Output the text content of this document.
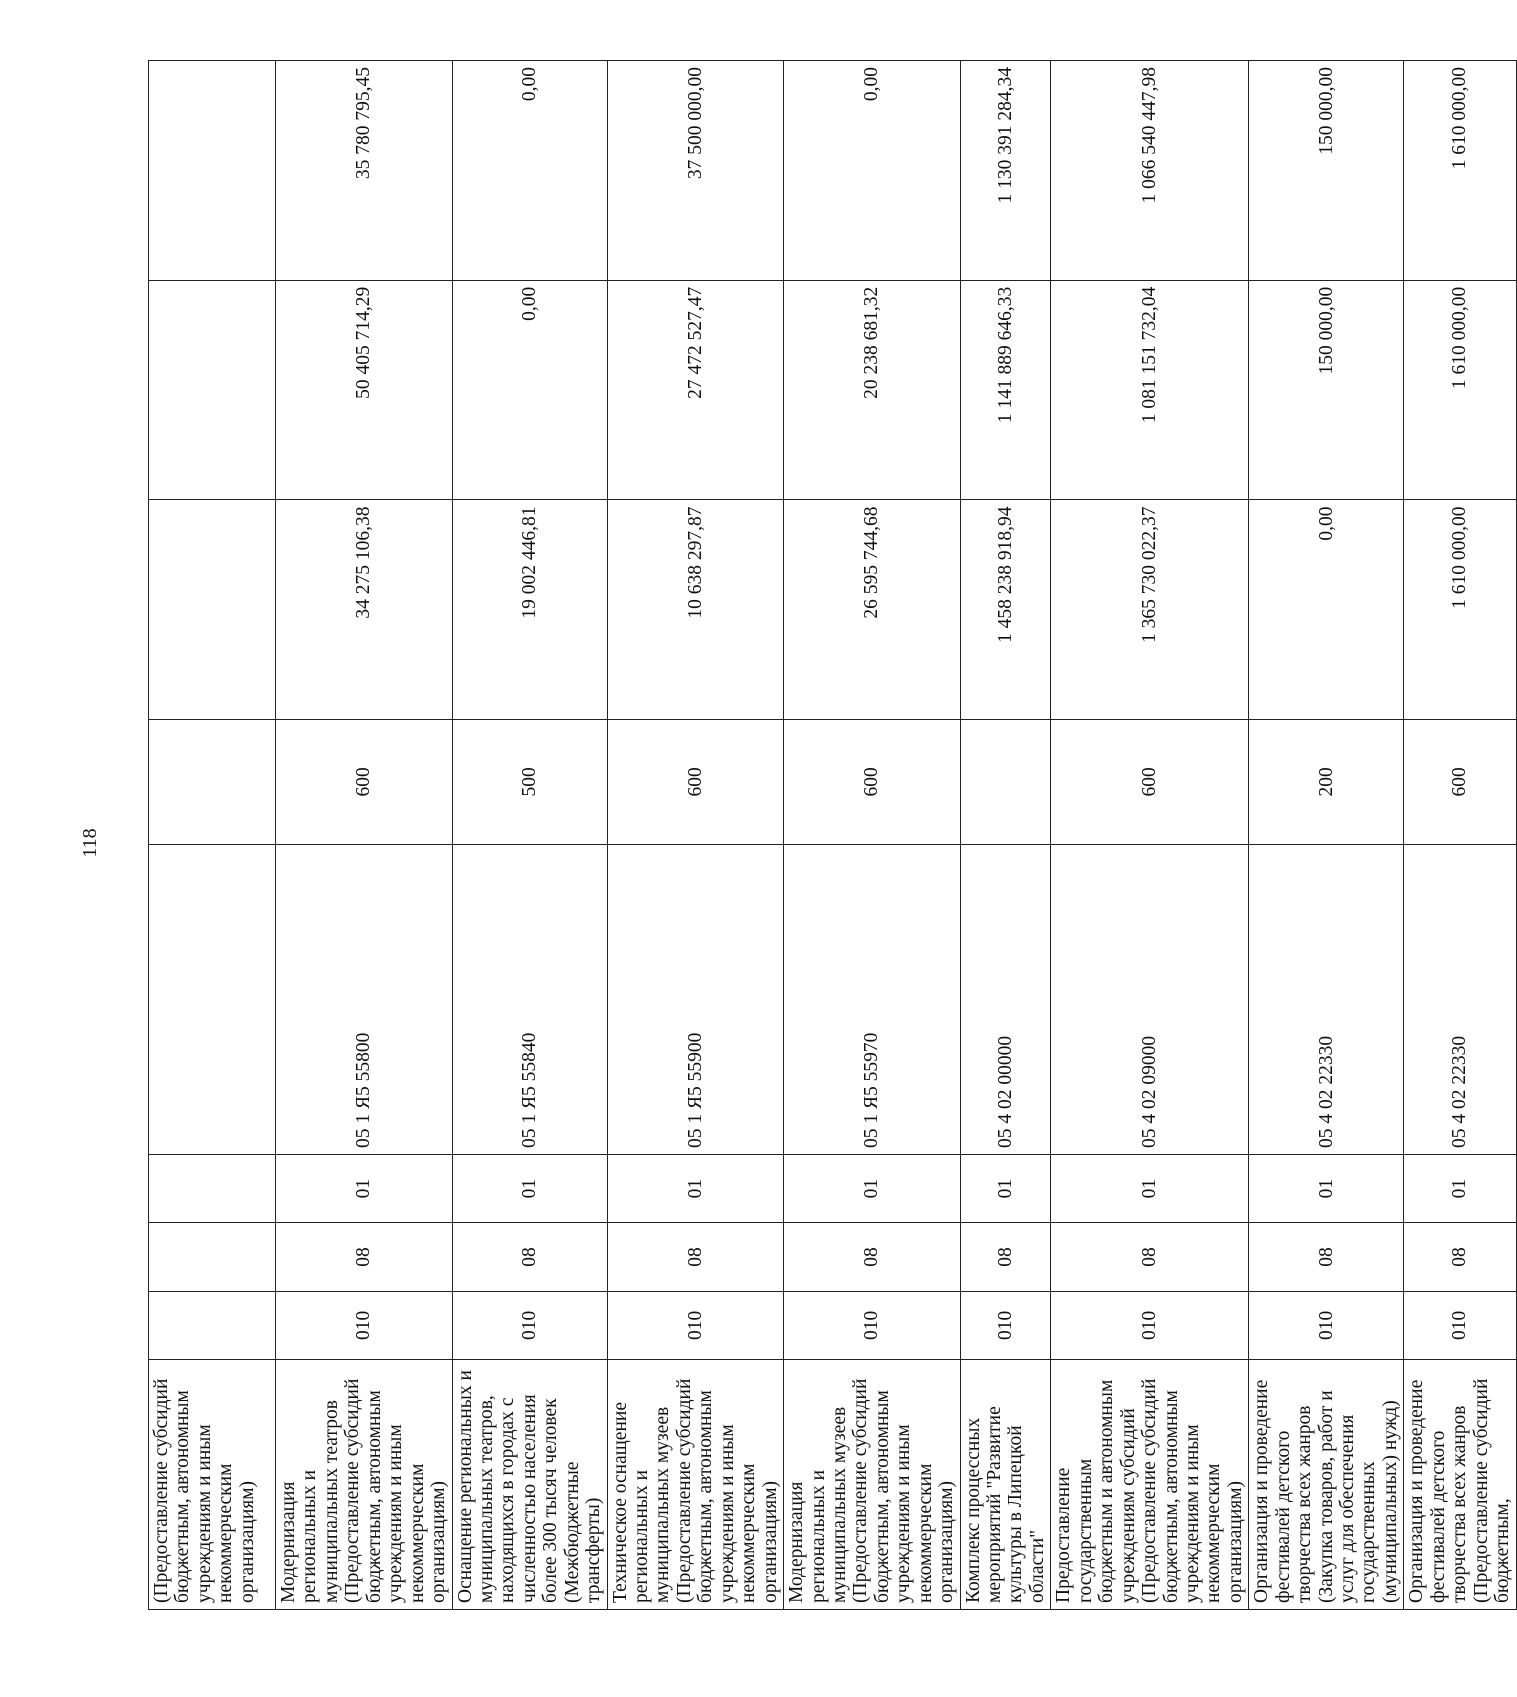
118
(Предоставление субсидий бюджетным, автономным учреждениям и иным некоммерческим организациям)								
Модернизация региональных и муниципальных театров (Предоставление субсидий бюджетным, автономным учреждениям и иным некоммерческим организациям)	010	08	01	05 1 Я5 55800	600	34 275 106,38	50 405 714,29	35 780 795,45
Оснащение региональных и муниципальных театров, находящихся в городах с численностью населения более 300 тысяч человек (Межбюджетные трансферты)	010	08	01	05 1 Я5 55840	500	19 002 446,81	0,00	0,00
Техническое оснащение региональных и муниципальных музеев (Предоставление субсидий бюджетным, автономным учреждениям и иным некоммерческим организациям)	010	08	01	05 1 Я5 55900	600	10 638 297,87	27 472 527,47	37 500 000,00
Модернизация региональных и муниципальных музеев (Предоставление субсидий бюджетным, автономным учреждениям и иным некоммерческим организациям)	010	08	01	05 1 Я5 55970	600	26 595 744,68	20 238 681,32	0,00
Комплекс процессных мероприятий "Развитие культуры в Липецкой области"	010	08	01	05 4 02 00000		1 458 238 918,94	1 141 889 646,33	1 130 391 284,34
Предоставление государственным бюджетным и автономным учреждениям субсидий (Предоставление субсидий бюджетным, автономным учреждениям и иным некоммерческим организациям)	010	08	01	05 4 02 09000	600	1 365 730 022,37	1 081 151 732,04	1 066 540 447,98
Организация и проведение фестивалей детского творчества всех жанров (Закупка товаров, работ и услуг для обеспечения государственных (муниципальных) нужд)	010	08	01	05 4 02 22330	200	0,00	150 000,00	150 000,00
Организация и проведение фестивалей детского творчества всех жанров (Предоставление субсидий бюджетным,	010	08	01	05 4 02 22330	600	1 610 000,00	1 610 000,00	1 610 000,00
